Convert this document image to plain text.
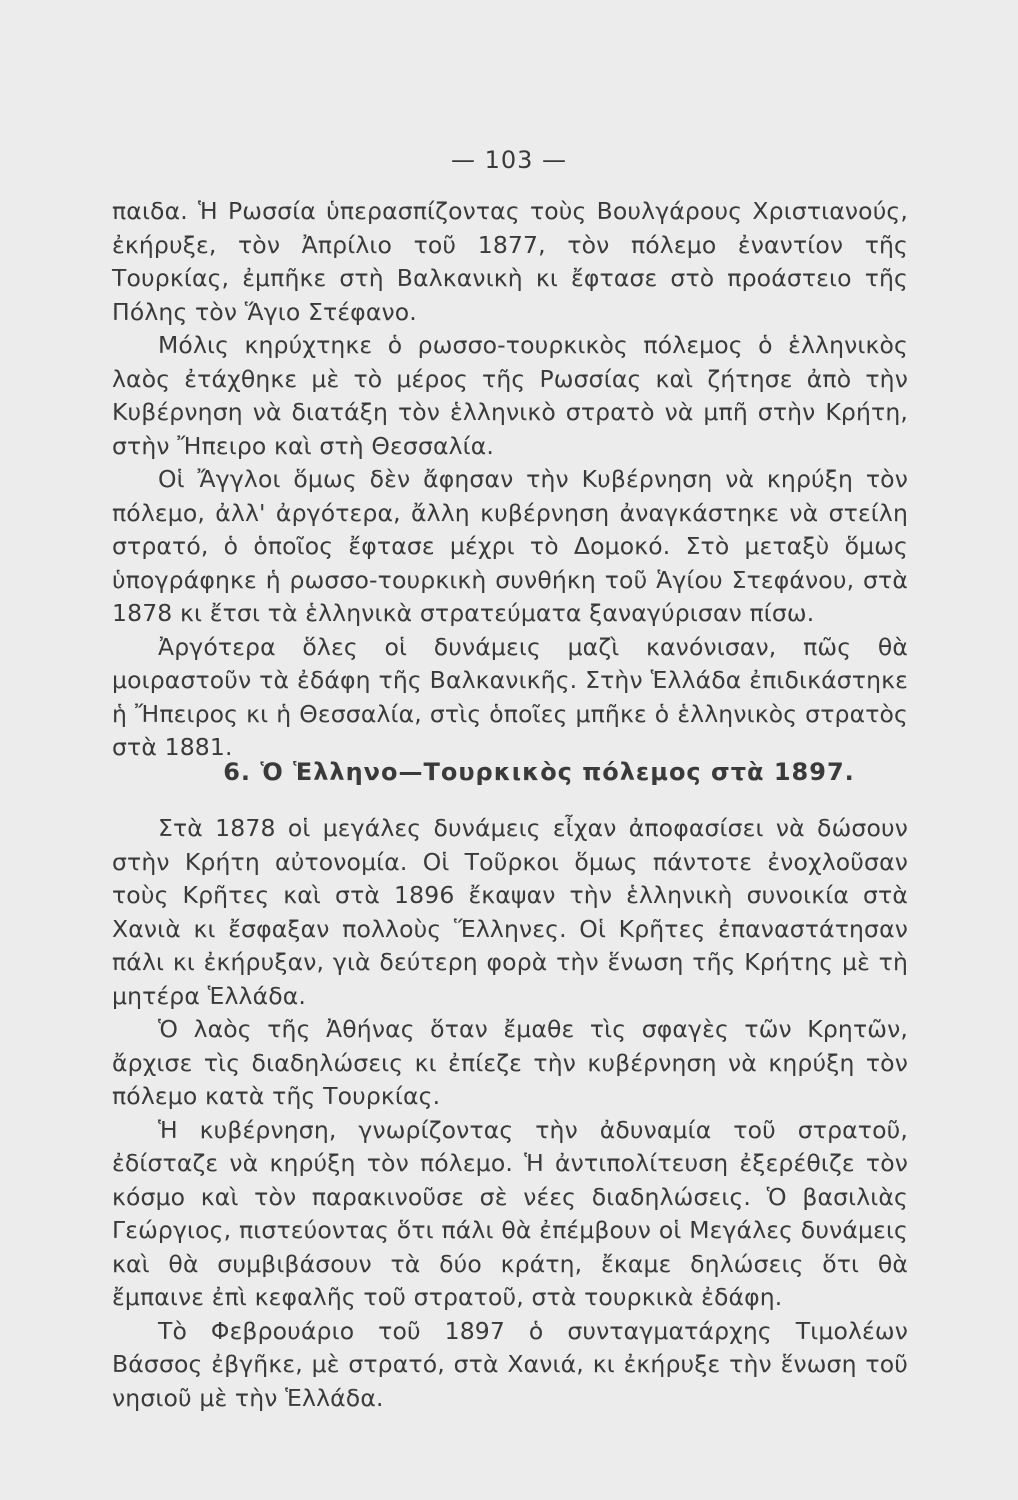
— 103 —

παιδα. Ἡ Ρωσσία ὑπερασπίζοντας τοὺς Βουλγάρους Χριστιανούς, ἐκήρυξε, τὸν Ἀπρίλιο τοῦ 1877, τὸν πόλεμο ἐναντίον τῆς Τουρκίας, ἐμπῆκε στὴ Βαλκανικὴ κι ἔφτασε στὸ προάστειο τῆς Πόλης τὸν Ἅγιο Στέφανο.

Μόλις κηρύχτηκε ὁ ρωσσο-τουρκικὸς πόλεμος ὁ ἑλληνικὸς λαὸς ἐτάχθηκε μὲ τὸ μέρος τῆς Ρωσσίας καὶ ζήτησε ἀπὸ τὴν Κυβέρνηση νὰ διατάξη τὸν ἑλληνικὸ στρατὸ νὰ μπῆ στὴν Κρήτη, στὴν Ἤπειρο καὶ στὴ Θεσσαλία.

Οἱ Ἄγγλοι ὅμως δὲν ἄφησαν τὴν Κυβέρνηση νὰ κηρύξη τὸν πόλεμο, ἀλλ' ἀργότερα, ἄλλη κυβέρνηση ἀναγκάστηκε νὰ στείλη στρατό, ὁ ὁποῖος ἔφτασε μέχρι τὸ Δομοκό. Στὸ μεταξὺ ὅμως ὑπογράφηκε ἡ ρωσσο-τουρκικὴ συνθήκη τοῦ Ἁγίου Στεφάνου, στὰ 1878 κι ἔτσι τὰ ἑλληνικὰ στρατεύματα ξαναγύρισαν πίσω.

Ἀργότερα ὅλες οἱ δυνάμεις μαζὶ κανόνισαν, πῶς θὰ μοιραστοῦν τὰ ἐδάφη τῆς Βαλκανικῆς. Στὴν Ἑλλάδα ἐπιδικάστηκε ἡ Ἤπειρος κι ἡ Θεσσαλία, στὶς ὁποῖες μπῆκε ὁ ἑλληνικὸς στρατὸς στὰ 1881.

6. Ὁ Ἑλληνο—Τουρκικὸς πόλεμος στὰ 1897.

Στὰ 1878 οἱ μεγάλες δυνάμεις εἶχαν ἀποφασίσει νὰ δώσουν στὴν Κρήτη αὐτονομία. Οἱ Τοῦρκοι ὅμως πάντοτε ἐνοχλοῦσαν τοὺς Κρῆτες καὶ στὰ 1896 ἔκαψαν τὴν ἑλληνικὴ συνοικία στὰ Χανιὰ κι ἔσφαξαν πολλοὺς Ἕλληνες. Οἱ Κρῆτες ἐπαναστάτησαν πάλι κι ἐκήρυξαν, γιὰ δεύτερη φορὰ τὴν ἕνωση τῆς Κρήτης μὲ τὴ μητέρα Ἑλλάδα.

Ὁ λαὸς τῆς Ἀθήνας ὅταν ἔμαθε τὶς σφαγὲς τῶν Κρητῶν, ἄρχισε τὶς διαδηλώσεις κι ἐπίεζε τὴν κυβέρνηση νὰ κηρύξη τὸν πόλεμο κατὰ τῆς Τουρκίας.

Ἡ κυβέρνηση, γνωρίζοντας τὴν ἀδυναμία τοῦ στρατοῦ, ἐδίσταζε νὰ κηρύξη τὸν πόλεμο. Ἡ ἀντιπολίτευση ἐξερέθιζε τὸν κόσμο καὶ τὸν παρακινοῦσε σὲ νέες διαδηλώσεις. Ὁ βασιλιὰς Γεώργιος, πιστεύοντας ὅτι πάλι θὰ ἐπέμβουν οἱ Μεγάλες δυνάμεις καὶ θὰ συμβιβάσουν τὰ δύο κράτη, ἔκαμε δηλώσεις ὅτι θὰ ἔμπαινε ἐπὶ κεφαλῆς τοῦ στρατοῦ, στὰ τουρκικὰ ἐδάφη.

Τὸ Φεβρουάριο τοῦ 1897 ὁ συνταγματάρχης Τιμολέων Βάσσος ἐβγῆκε, μὲ στρατό, στὰ Χανιά, κι ἐκήρυξε τὴν ἕνωση τοῦ νησιοῦ μὲ τὴν Ἑλλάδα.
